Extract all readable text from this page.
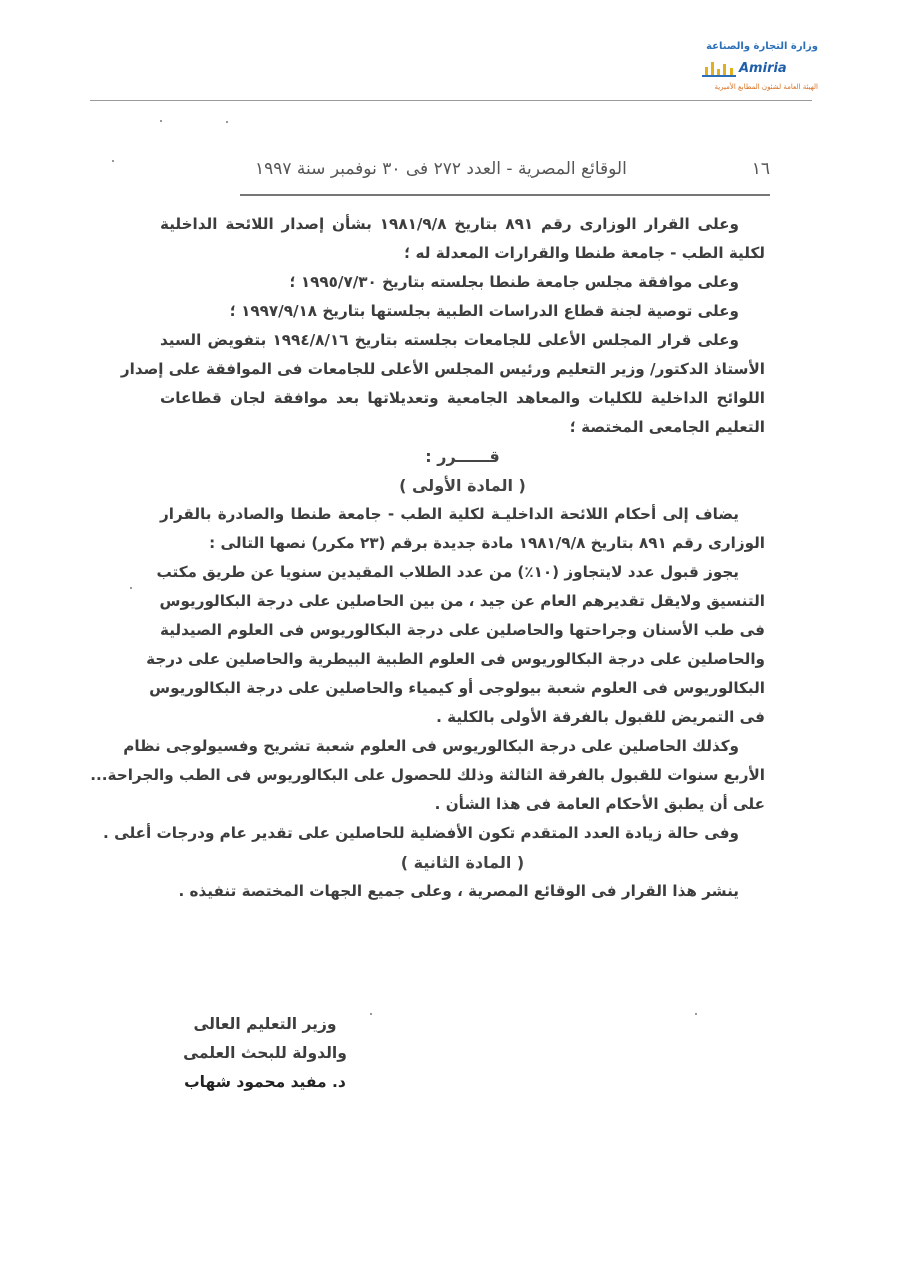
وزارة التجارة والصناعة
Amiria
الهيئة العامة لشئون المطابع الأميرية
١٦
الوقائع المصرية - العدد ٢٧٢ فى ٣٠ نوفمبر سنة ١٩٩٧
وعلى القرار الوزارى رقم ٨٩١ بتاريخ ١٩٨١/٩/٨ بشأن إصدار اللائحة الداخلية
لكلية الطب - جامعة طنطا والقرارات المعدلة له ؛
وعلى موافقة مجلس جامعة طنطا بجلسته بتاريخ ١٩٩٥/٧/٣٠ ؛
وعلى توصية لجنة قطاع الدراسات الطبية بجلستها بتاريخ ١٩٩٧/٩/١٨ ؛
وعلى قرار المجلس الأعلى للجامعات بجلسته بتاريخ ١٩٩٤/٨/١٦ بتفويض السيد
الأستاذ الدكتور/ وزير التعليم ورئيس المجلس الأعلى للجامعات فى الموافقة على إصدار
اللوائح الداخلية للكليات والمعاهد الجامعية وتعديلاتها بعد موافقة لجان قطاعات
التعليم الجامعى المختصة ؛
قــــــرر :
( المادة الأولى )
يضاف إلى أحكام اللائحة الداخليـة لكلية الطب - جامعة طنطا والصادرة بالقرار
الوزارى رقم ٨٩١ بتاريخ ١٩٨١/٩/٨ مادة جديدة برقم (٢٣ مكرر) نصها التالى :
يجوز قبول عدد لايتجاوز (١٠٪) من عدد الطلاب المقيدين سنويا عن طريق مكتب
التنسيق ولايقل تقديرهم العام عن جيد ، من بين الحاصلين على درجة البكالوريوس
فى طب الأسنان وجراحتها والحاصلين على درجة البكالوريوس فى العلوم الصيدلية
والحاصلين على درجة البكالوريوس فى العلوم الطبية البيطرية والحاصلين على درجة
البكالوريوس فى العلوم شعبة بيولوجى أو كيمياء والحاصلين على درجة البكالوريوس
فى التمريض للقبول بالفرقة الأولى بالكلية .
وكذلك الحاصلين على درجة البكالوريوس فى العلوم شعبة تشريح وفسيولوجى نظام
الأربع سنوات للقبول بالفرقة الثالثة وذلك للحصول على البكالوريوس فى الطب والجراحة...
على أن يطبق الأحكام العامة فى هذا الشأن .
وفى حالة زيادة العدد المتقدم تكون الأفضلية للحاصلين على تقدير عام ودرجات أعلى .
( المادة الثانية )
ينشر هذا القرار فى الوقائع المصرية ، وعلى جميع الجهات المختصة تنفيذه .
وزير التعليم العالى
والدولة للبحث العلمى
د. مفيد محمود شهاب
